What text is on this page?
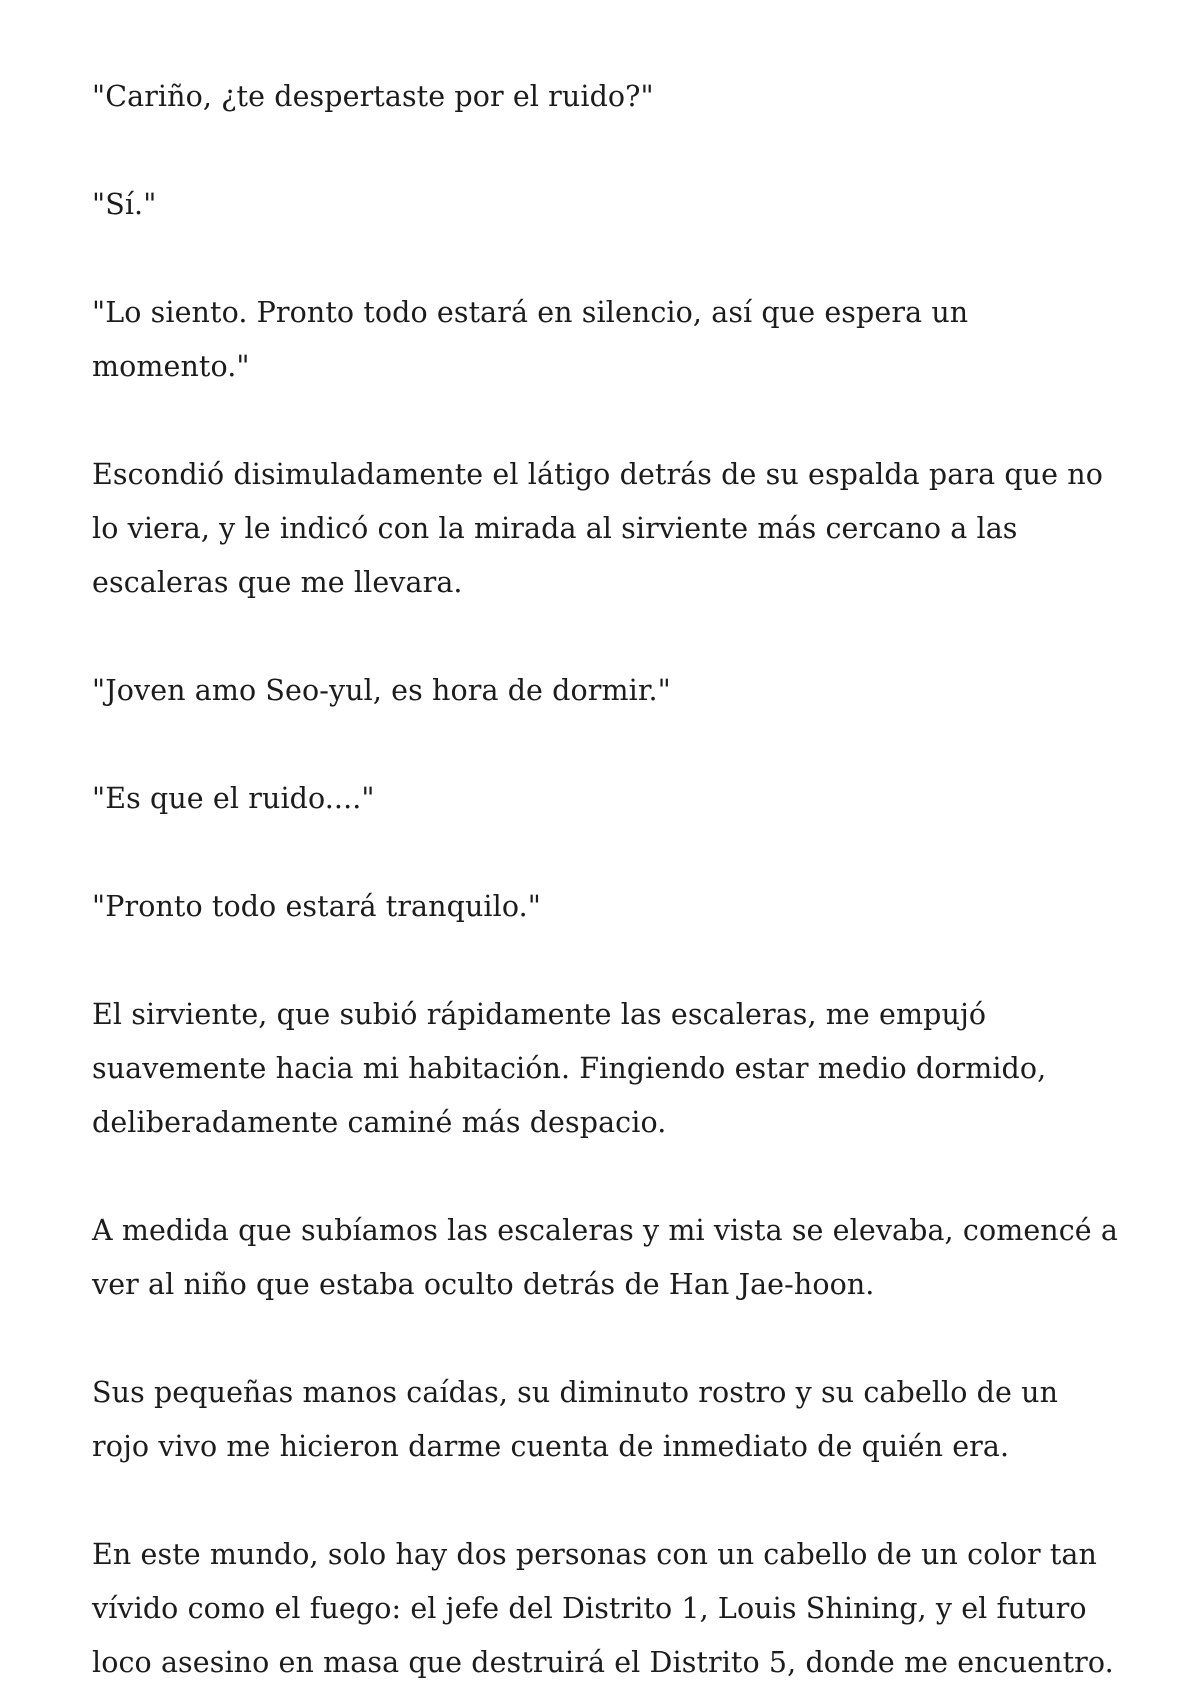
"Cariño, ¿te despertaste por el ruido?"

"Sí."

"Lo siento. Pronto todo estará en silencio, así que espera un momento."

Escondió disimuladamente el látigo detrás de su espalda para que no lo viera, y le indicó con la mirada al sirviente más cercano a las escaleras que me llevara.

"Joven amo Seo-yul, es hora de dormir."

"Es que el ruido...."

"Pronto todo estará tranquilo."

El sirviente, que subió rápidamente las escaleras, me empujó suavemente hacia mi habitación. Fingiendo estar medio dormido, deliberadamente caminé más despacio.

A medida que subíamos las escaleras y mi vista se elevaba, comencé a ver al niño que estaba oculto detrás de Han Jae-hoon.

Sus pequeñas manos caídas, su diminuto rostro y su cabello de un rojo vivo me hicieron darme cuenta de inmediato de quién era.

En este mundo, solo hay dos personas con un cabello de un color tan vívido como el fuego: el jefe del Distrito 1, Louis Shining, y el futuro loco asesino en masa que destruirá el Distrito 5, donde me encuentro.
